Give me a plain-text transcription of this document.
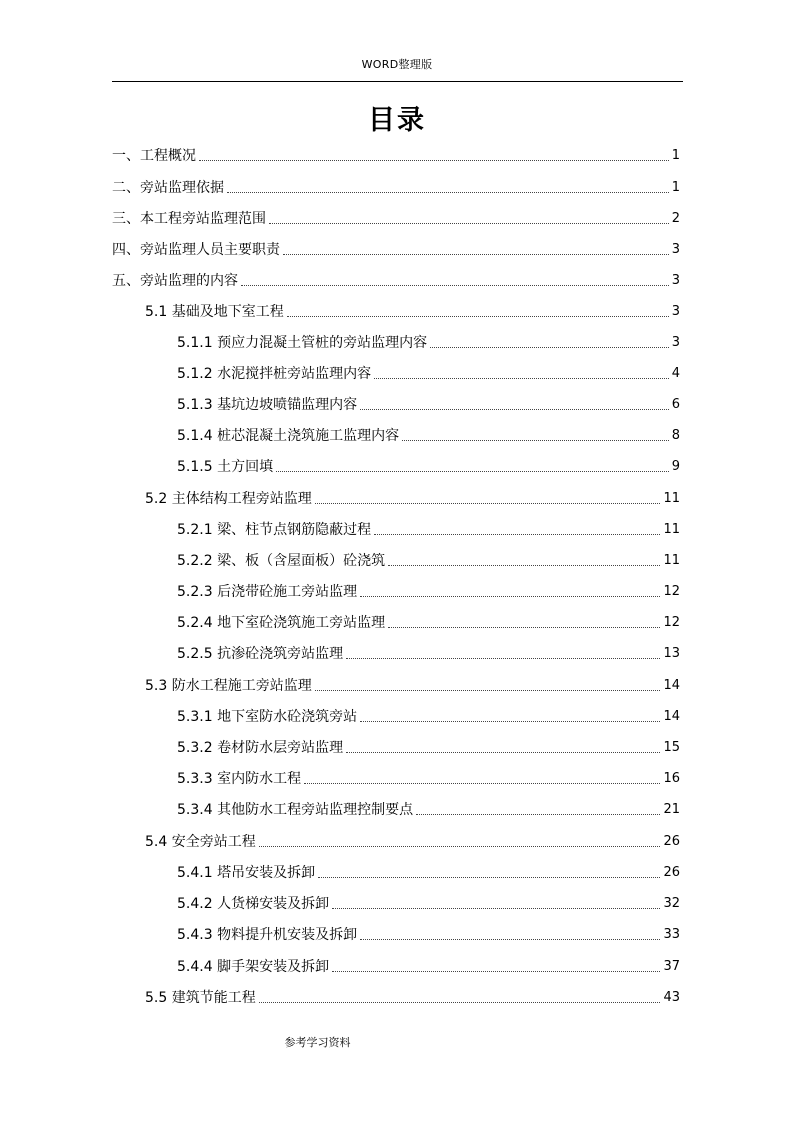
WORD整理版
目录
一、工程概况	1
二、旁站监理依据	1
三、本工程旁站监理范围	2
四、旁站监理人员主要职责	3
五、旁站监理的内容	3
5.1 基础及地下室工程	3
5.1.1 预应力混凝土管桩的旁站监理内容	3
5.1.2 水泥搅拌桩旁站监理内容	4
5.1.3 基坑边坡喷锚监理内容	6
5.1.4 桩芯混凝土浇筑施工监理内容	8
5.1.5 土方回填	9
5.2 主体结构工程旁站监理	11
5.2.1 梁、柱节点钢筋隐蔽过程	11
5.2.2 梁、板（含屋面板）砼浇筑	11
5.2.3 后浇带砼施工旁站监理	12
5.2.4 地下室砼浇筑施工旁站监理	12
5.2.5 抗渗砼浇筑旁站监理	13
5.3 防水工程施工旁站监理	14
5.3.1 地下室防水砼浇筑旁站	14
5.3.2 卷材防水层旁站监理	15
5.3.3 室内防水工程	16
5.3.4 其他防水工程旁站监理控制要点	21
5.4 安全旁站工程	26
5.4.1 塔吊安装及拆卸	26
5.4.2 人货梯安装及拆卸	32
5.4.3 物料提升机安装及拆卸	33
5.4.4 脚手架安装及拆卸	37
5.5 建筑节能工程	43
参考学习资料
